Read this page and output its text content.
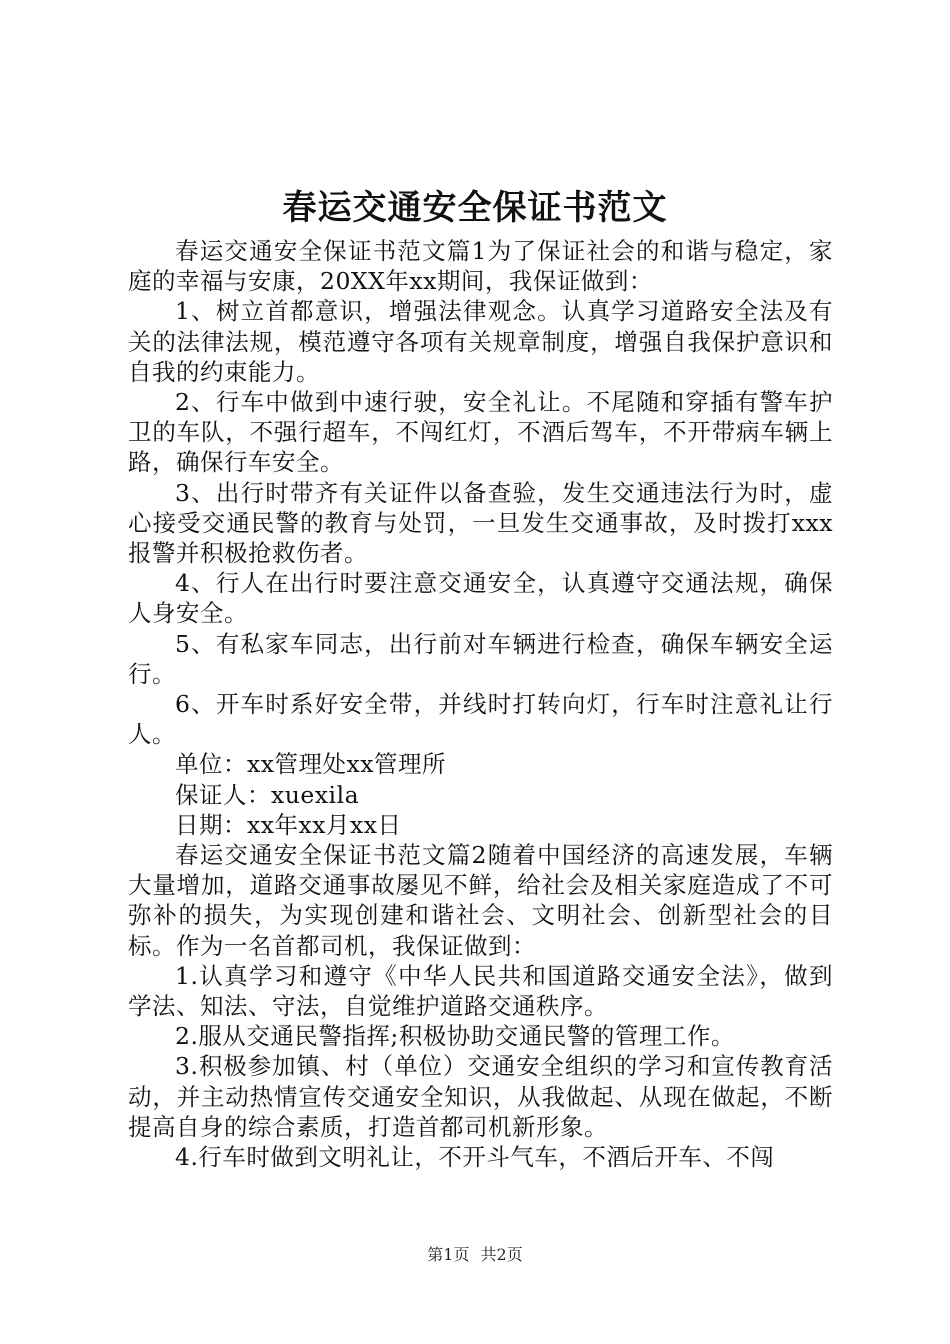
春运交通安全保证书范文

春运交通安全保证书范文篇1为了保证社会的和谐与稳定，家庭的幸福与安康，20XX年xx期间，我保证做到：

1、树立首都意识，增强法律观念。认真学习道路安全法及有关的法律法规，模范遵守各项有关规章制度，增强自我保护意识和自我的约束能力。

2、行车中做到中速行驶，安全礼让。不尾随和穿插有警车护卫的车队，不强行超车，不闯红灯，不酒后驾车，不开带病车辆上路，确保行车安全。

3、出行时带齐有关证件以备查验，发生交通违法行为时，虚心接受交通民警的教育与处罚，一旦发生交通事故，及时拨打xxx报警并积极抢救伤者。

4、行人在出行时要注意交通安全，认真遵守交通法规，确保人身安全。

5、有私家车同志，出行前对车辆进行检查，确保车辆安全运行。

6、开车时系好安全带，并线时打转向灯，行车时注意礼让行人。

单位：xx管理处xx管理所

保证人：xuexila

日期：xx年xx月xx日

春运交通安全保证书范文篇2随着中国经济的高速发展，车辆大量增加，道路交通事故屡见不鲜，给社会及相关家庭造成了不可弥补的损失，为实现创建和谐社会、文明社会、创新型社会的目标。作为一名首都司机，我保证做到：

1.认真学习和遵守《中华人民共和国道路交通安全法》，做到学法、知法、守法，自觉维护道路交通秩序。

2.服从交通民警指挥;积极协助交通民警的管理工作。

3.积极参加镇、村（单位）交通安全组织的学习和宣传教育活动，并主动热情宣传交通安全知识，从我做起、从现在做起，不断提高自身的综合素质，打造首都司机新形象。

4.行车时做到文明礼让，不开斗气车，不酒后开车、不闯

第1页 共2页
